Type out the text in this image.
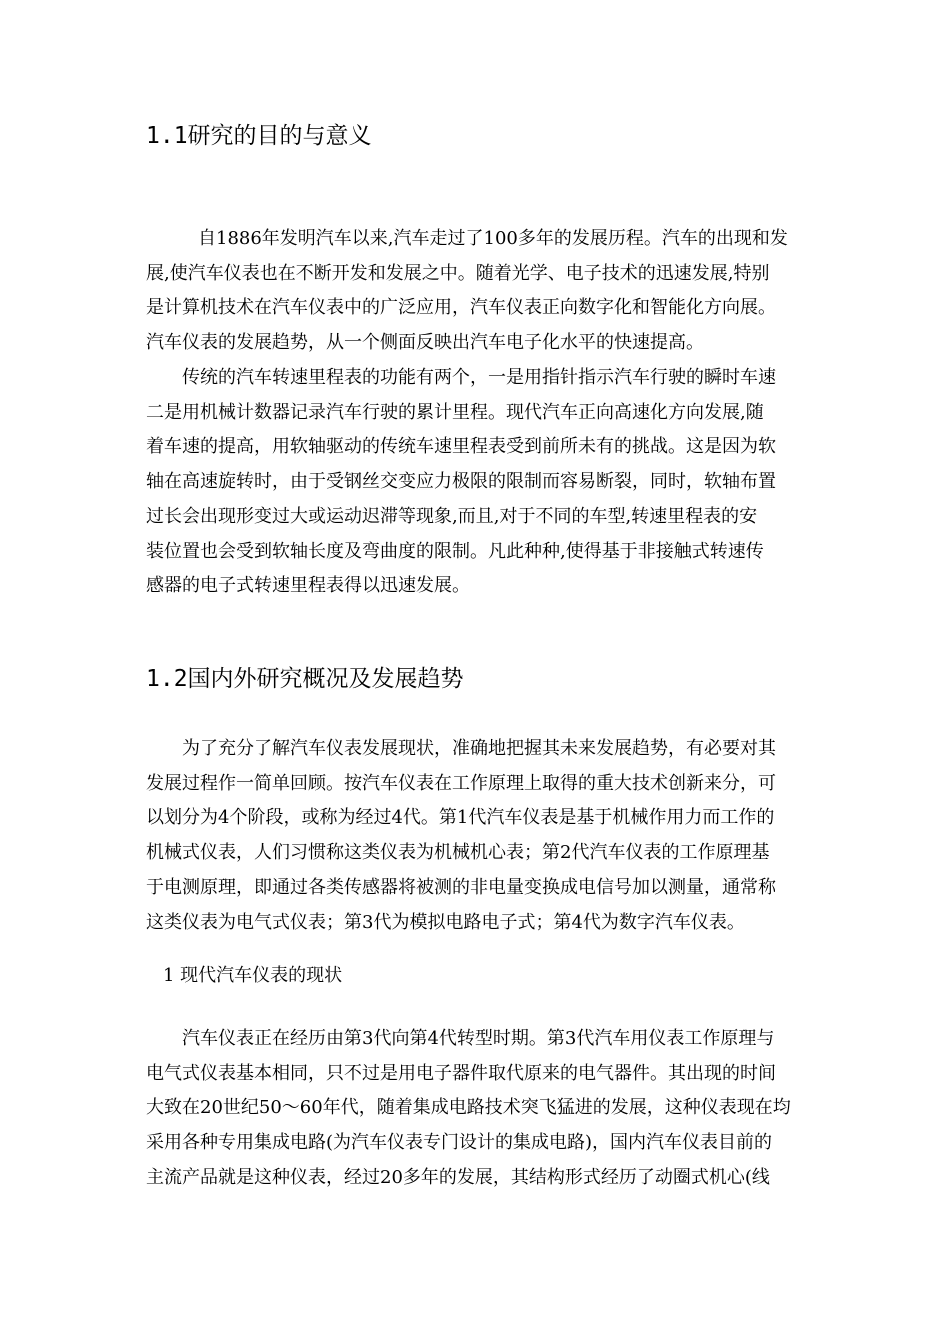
1.1研究的目的与意义
自1886年发明汽车以来,汽车走过了100多年的发展历程。汽车的出现和发
展,使汽车仪表也在不断开发和发展之中。随着光学、电子技术的迅速发展,特别
是计算机技术在汽车仪表中的广泛应用，汽车仪表正向数字化和智能化方向展。
汽车仪表的发展趋势，从一个侧面反映出汽车电子化水平的快速提高。
传统的汽车转速里程表的功能有两个，一是用指针指示汽车行驶的瞬时车速
二是用机械计数器记录汽车行驶的累计里程。现代汽车正向高速化方向发展,随
着车速的提高，用软轴驱动的传统车速里程表受到前所未有的挑战。这是因为软
轴在高速旋转时，由于受钢丝交变应力极限的限制而容易断裂，同时，软轴布置
过长会出现形变过大或运动迟滞等现象,而且,对于不同的车型,转速里程表的安
装位置也会受到软轴长度及弯曲度的限制。凡此种种,使得基于非接触式转速传
感器的电子式转速里程表得以迅速发展。
1.2国内外研究概况及发展趋势
为了充分了解汽车仪表发展现状，准确地把握其未来发展趋势，有必要对其
发展过程作一简单回顾。按汽车仪表在工作原理上取得的重大技术创新来分，可
以划分为4个阶段，或称为经过4代。第1代汽车仪表是基于机械作用力而工作的
机械式仪表，人们习惯称这类仪表为机械机心表；第2代汽车仪表的工作原理基
于电测原理，即通过各类传感器将被测的非电量变换成电信号加以测量，通常称
这类仪表为电气式仪表；第3代为模拟电路电子式；第4代为数字汽车仪表。
1 现代汽车仪表的现状
汽车仪表正在经历由第3代向第4代转型时期。第3代汽车用仪表工作原理与
电气式仪表基本相同，只不过是用电子器件取代原来的电气器件。其出现的时间
大致在20世纪50～60年代，随着集成电路技术突飞猛进的发展，这种仪表现在均
采用各种专用集成电路(为汽车仪表专门设计的集成电路)，国内汽车仪表目前的
主流产品就是这种仪表，经过20多年的发展，其结构形式经历了动圈式机心(线
